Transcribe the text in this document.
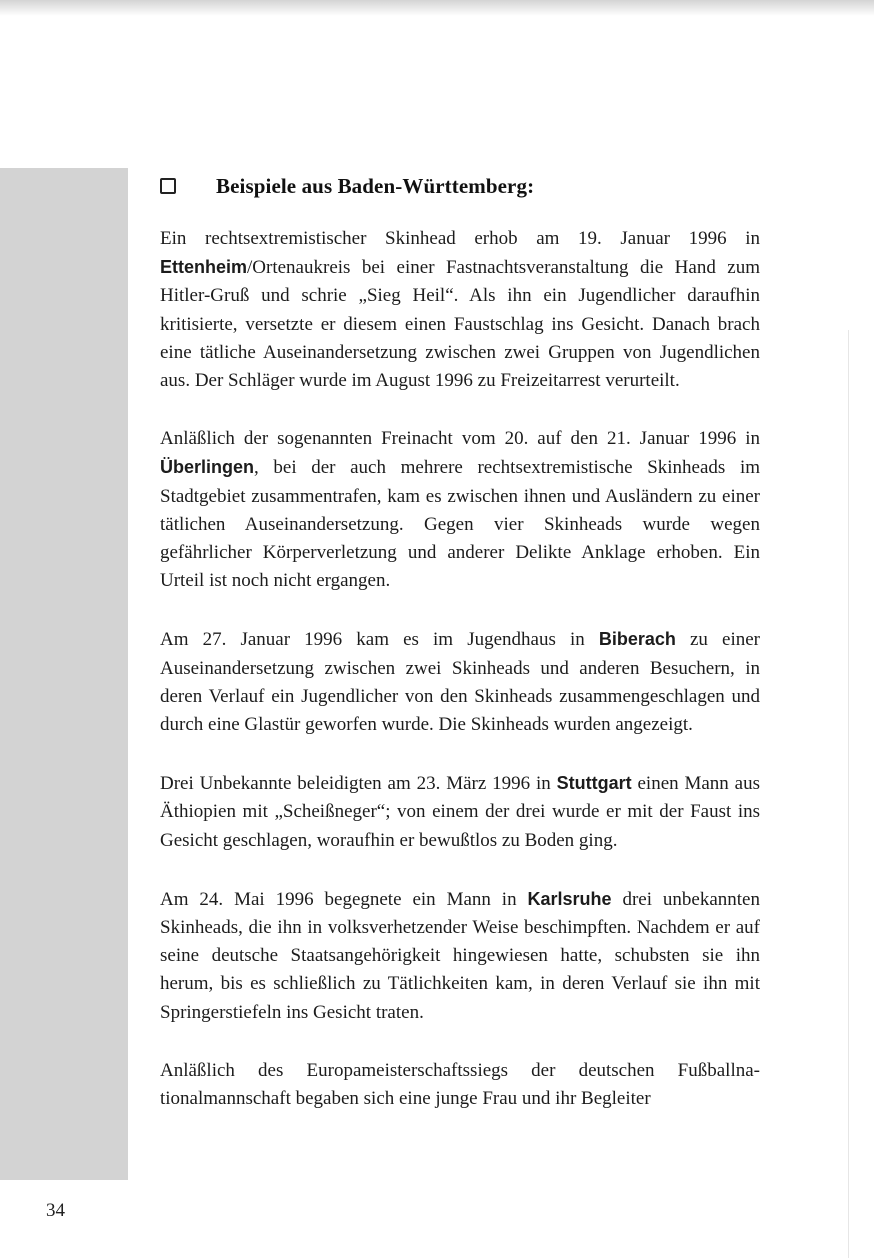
Beispiele aus Baden-Württemberg:

Ein rechtsextremistischer Skinhead erhob am 19. Januar 1996 in Ettenheim/Ortenaukreis bei einer Fastnachtsveranstaltung die Hand zum Hitler-Gruß und schrie „Sieg Heil“. Als ihn ein Jugendlicher daraufhin kritisierte, versetzte er diesem einen Faustschlag ins Gesicht. Danach brach eine tätliche Auseinandersetzung zwischen zwei Gruppen von Jugendlichen aus. Der Schläger wurde im August 1996 zu Freizeitarrest verurteilt.

Anläßlich der sogenannten Freinacht vom 20. auf den 21. Januar 1996 in Überlingen, bei der auch mehrere rechtsextremistische Skinheads im Stadtgebiet zusammentrafen, kam es zwischen ihnen und Ausländern zu einer tätlichen Auseinandersetzung. Gegen vier Skinheads wurde wegen gefährlicher Körperverletzung und anderer Delikte Anklage erhoben. Ein Urteil ist noch nicht ergangen.

Am 27. Januar 1996 kam es im Jugendhaus in Biberach zu einer Auseinandersetzung zwischen zwei Skinheads und anderen Besuchern, in deren Verlauf ein Jugendlicher von den Skinheads zusammengeschlagen und durch eine Glastür geworfen wurde. Die Skinheads wurden angezeigt.

Drei Unbekannte beleidigten am 23. März 1996 in Stuttgart einen Mann aus Äthiopien mit „Scheißneger“; von einem der drei wurde er mit der Faust ins Gesicht geschlagen, woraufhin er bewußtlos zu Boden ging.

Am 24. Mai 1996 begegnete ein Mann in Karlsruhe drei unbekannten Skinheads, die ihn in volksverhetzender Weise beschimpften. Nachdem er auf seine deutsche Staatsangehörigkeit hingewiesen hatte, schubsten sie ihn herum, bis es schließlich zu Tätlichkeiten kam, in deren Verlauf sie ihn mit Springerstiefeln ins Gesicht traten.

Anläßlich des Europameisterschaftssiegs der deutschen Fußballnationalmannschaft begaben sich eine junge Frau und ihr Begleiter

34
